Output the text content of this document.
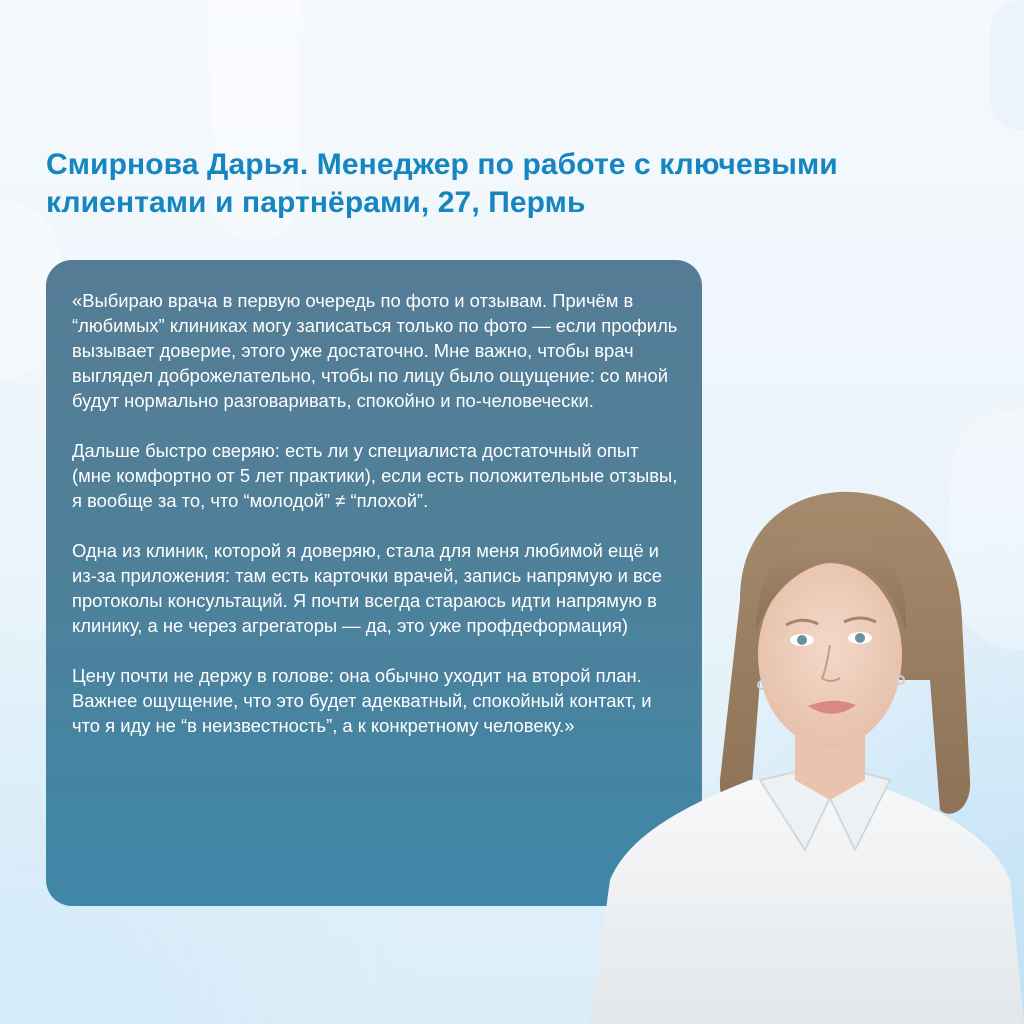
Смирнова Дарья. Менеджер по работе с ключевыми
клиентами и партнёрами, 27, Пермь

«Выбираю врача в первую очередь по фото и отзывам. Причём в “любимых” клиниках могу записаться только по фото — если профиль вызывает доверие, этого уже достаточно. Мне важно, чтобы врач выглядел доброжелательно, чтобы по лицу было ощущение: со мной будут нормально разговаривать, спокойно и по-человечески.

Дальше быстро сверяю: есть ли у специалиста достаточный опыт (мне комфортно от 5 лет практики), если есть положительные отзывы, я вообще за то, что “молодой” ≠ “плохой”.

Одна из клиник, которой я доверяю, стала для меня любимой ещё и из-за приложения: там есть карточки врачей, запись напрямую и все протоколы консультаций. Я почти всегда стараюсь идти напрямую в клинику, а не через агрегаторы — да, это уже профдеформация)

Цену почти не держу в голове: она обычно уходит на второй план. Важнее ощущение, что это будет адекватный, спокойный контакт, и что я иду не “в неизвестность”, а к конкретному человеку.»
